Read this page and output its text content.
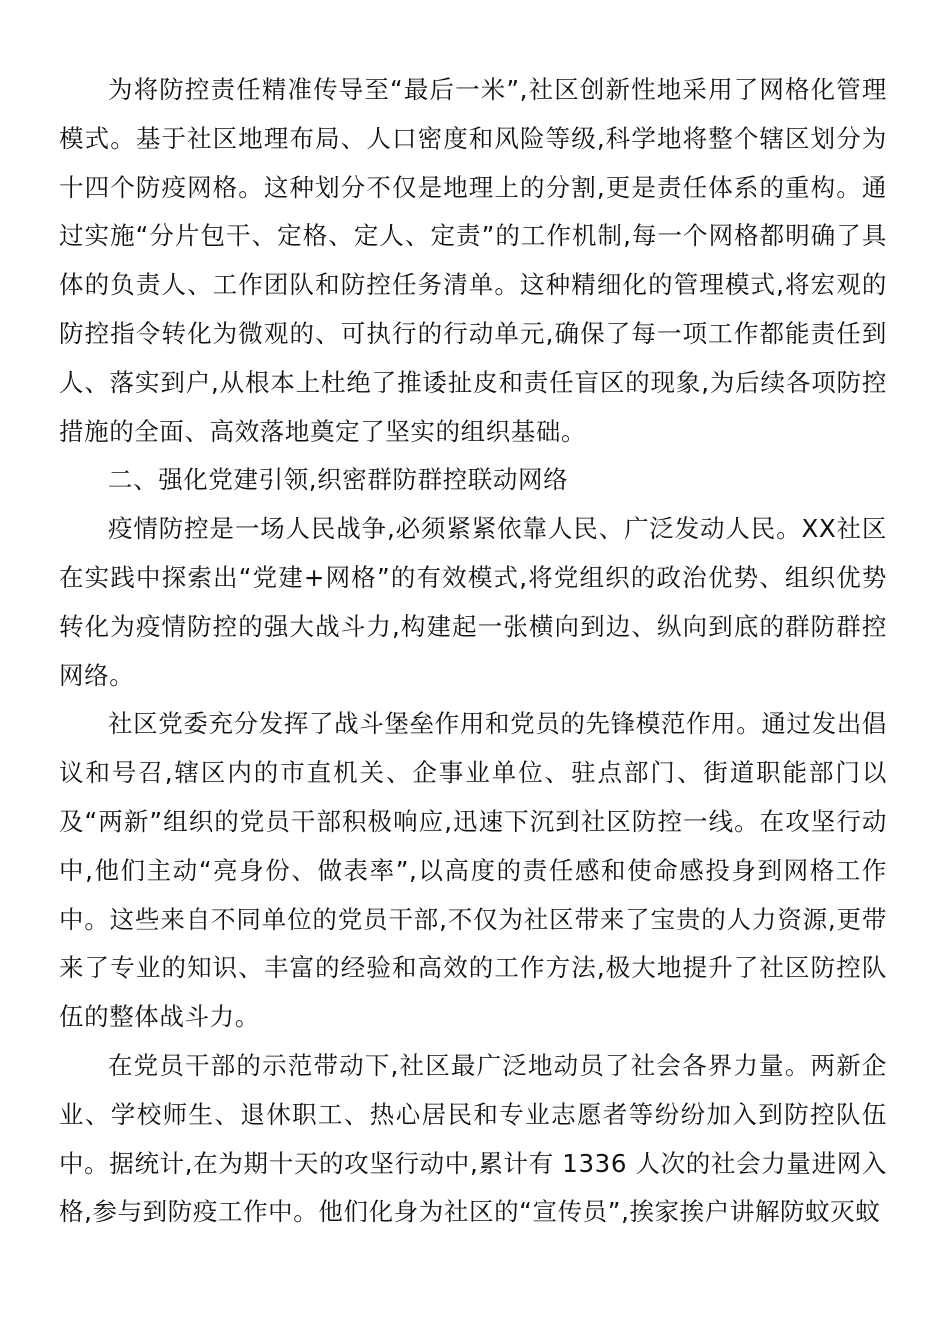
为将防控责任精准传导至“最后一米”,社区创新性地采用了网格化管理模式。基于社区地理布局、人口密度和风险等级,科学地将整个辖区划分为十四个防疫网格。这种划分不仅是地理上的分割,更是责任体系的重构。通过实施“分片包干、定格、定人、定责”的工作机制,每一个网格都明确了具体的负责人、工作团队和防控任务清单。这种精细化的管理模式,将宏观的防控指令转化为微观的、可执行的行动单元,确保了每一项工作都能责任到人、落实到户,从根本上杜绝了推诿扯皮和责任盲区的现象,为后续各项防控措施的全面、高效落地奠定了坚实的组织基础。

二、强化党建引领,织密群防群控联动网络

疫情防控是一场人民战争,必须紧紧依靠人民、广泛发动人民。XX社区在实践中探索出“党建+网格”的有效模式,将党组织的政治优势、组织优势转化为疫情防控的强大战斗力,构建起一张横向到边、纵向到底的群防群控网络。

社区党委充分发挥了战斗堡垒作用和党员的先锋模范作用。通过发出倡议和号召,辖区内的市直机关、企事业单位、驻点部门、街道职能部门以及“两新”组织的党员干部积极响应,迅速下沉到社区防控一线。在攻坚行动中,他们主动“亮身份、做表率”,以高度的责任感和使命感投身到网格工作中。这些来自不同单位的党员干部,不仅为社区带来了宝贵的人力资源,更带来了专业的知识、丰富的经验和高效的工作方法,极大地提升了社区防控队伍的整体战斗力。

在党员干部的示范带动下,社区最广泛地动员了社会各界力量。两新企业、学校师生、退休职工、热心居民和专业志愿者等纷纷加入到防控队伍中。据统计,在为期十天的攻坚行动中,累计有 1336 人次的社会力量进网入格,参与到防疫工作中。他们化身为社区的“宣传员”,挨家挨户讲解防蚊灭蚊
